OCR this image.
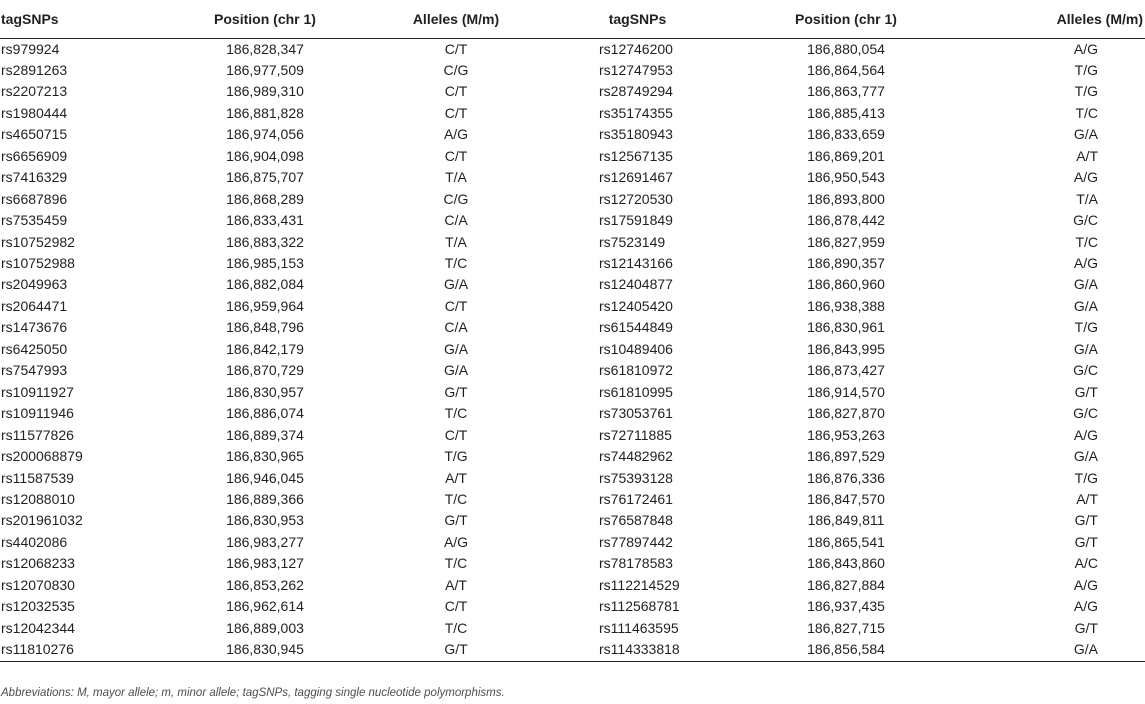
tagSNPs	Position (chr 1)	Alleles (M/m)	tagSNPs	Position (chr 1)	Alleles (M/m)
rs979924	186,828,347	C/T	rs12746200	186,880,054	A/G
rs2891263	186,977,509	C/G	rs12747953	186,864,564	T/G
rs2207213	186,989,310	C/T	rs28749294	186,863,777	T/G
rs1980444	186,881,828	C/T	rs35174355	186,885,413	T/C
rs4650715	186,974,056	A/G	rs35180943	186,833,659	G/A
rs6656909	186,904,098	C/T	rs12567135	186,869,201	A/T
rs7416329	186,875,707	T/A	rs12691467	186,950,543	A/G
rs6687896	186,868,289	C/G	rs12720530	186,893,800	T/A
rs7535459	186,833,431	C/A	rs17591849	186,878,442	G/C
rs10752982	186,883,322	T/A	rs7523149	186,827,959	T/C
rs10752988	186,985,153	T/C	rs12143166	186,890,357	A/G
rs2049963	186,882,084	G/A	rs12404877	186,860,960	G/A
rs2064471	186,959,964	C/T	rs12405420	186,938,388	G/A
rs1473676	186,848,796	C/A	rs61544849	186,830,961	T/G
rs6425050	186,842,179	G/A	rs10489406	186,843,995	G/A
rs7547993	186,870,729	G/A	rs61810972	186,873,427	G/C
rs10911927	186,830,957	G/T	rs61810995	186,914,570	G/T
rs10911946	186,886,074	T/C	rs73053761	186,827,870	G/C
rs11577826	186,889,374	C/T	rs72711885	186,953,263	A/G
rs200068879	186,830,965	T/G	rs74482962	186,897,529	G/A
rs11587539	186,946,045	A/T	rs75393128	186,876,336	T/G
rs12088010	186,889,366	T/C	rs76172461	186,847,570	A/T
rs201961032	186,830,953	G/T	rs76587848	186,849,811	G/T
rs4402086	186,983,277	A/G	rs77897442	186,865,541	G/T
rs12068233	186,983,127	T/C	rs78178583	186,843,860	A/C
rs12070830	186,853,262	A/T	rs112214529	186,827,884	A/G
rs12032535	186,962,614	C/T	rs112568781	186,937,435	A/G
rs12042344	186,889,003	T/C	rs111463595	186,827,715	G/T
rs11810276	186,830,945	G/T	rs114333818	186,856,584	G/A
Abbreviations: M, mayor allele; m, minor allele; tagSNPs, tagging single nucleotide polymorphisms.
